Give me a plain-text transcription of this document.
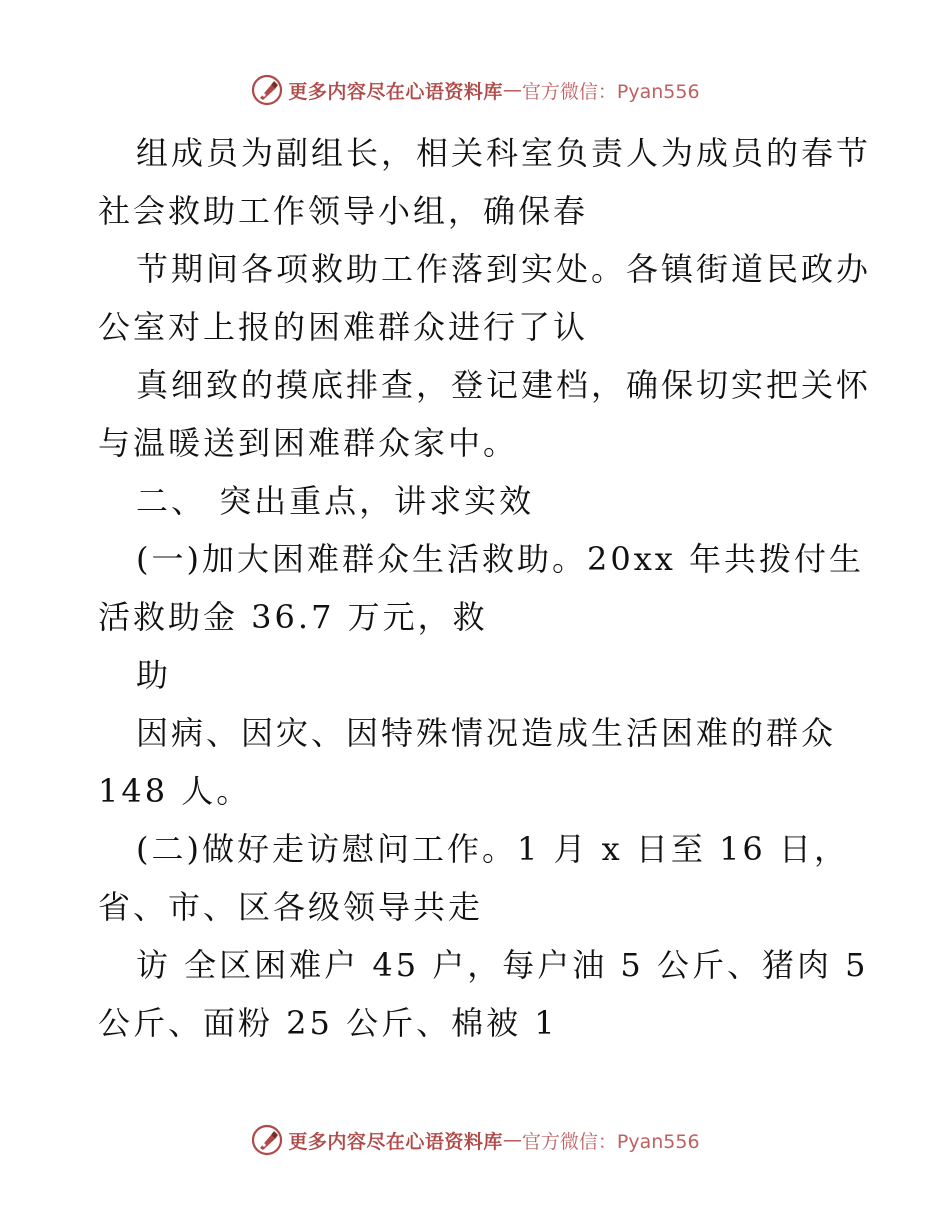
更多内容尽在心语资料库 — 官方微信：Pyan556
组成员为副组长，相关科室负责人为成员的春节
社会救助工作领导小组，确保春
节期间各项救助工作落到实处。各镇街道民政办
公室对上报的困难群众进行了认
真细致的摸底排查，登记建档，确保切实把关怀
与温暖送到困难群众家中。
二、 突出重点，讲求实效
(一)加大困难群众生活救助。20xx 年共拨付生
活救助金 36.7 万元，救
助
因病、因灾、因特殊情况造成生活困难的群众
148 人。
(二)做好走访慰问工作。1 月 x 日至 16 日，
省、市、区各级领导共走
访 全区困难户 45 户，每户油 5 公斤、猪肉 5
公斤、面粉 25 公斤、棉被 1
更多内容尽在心语资料库 — 官方微信：Pyan556
